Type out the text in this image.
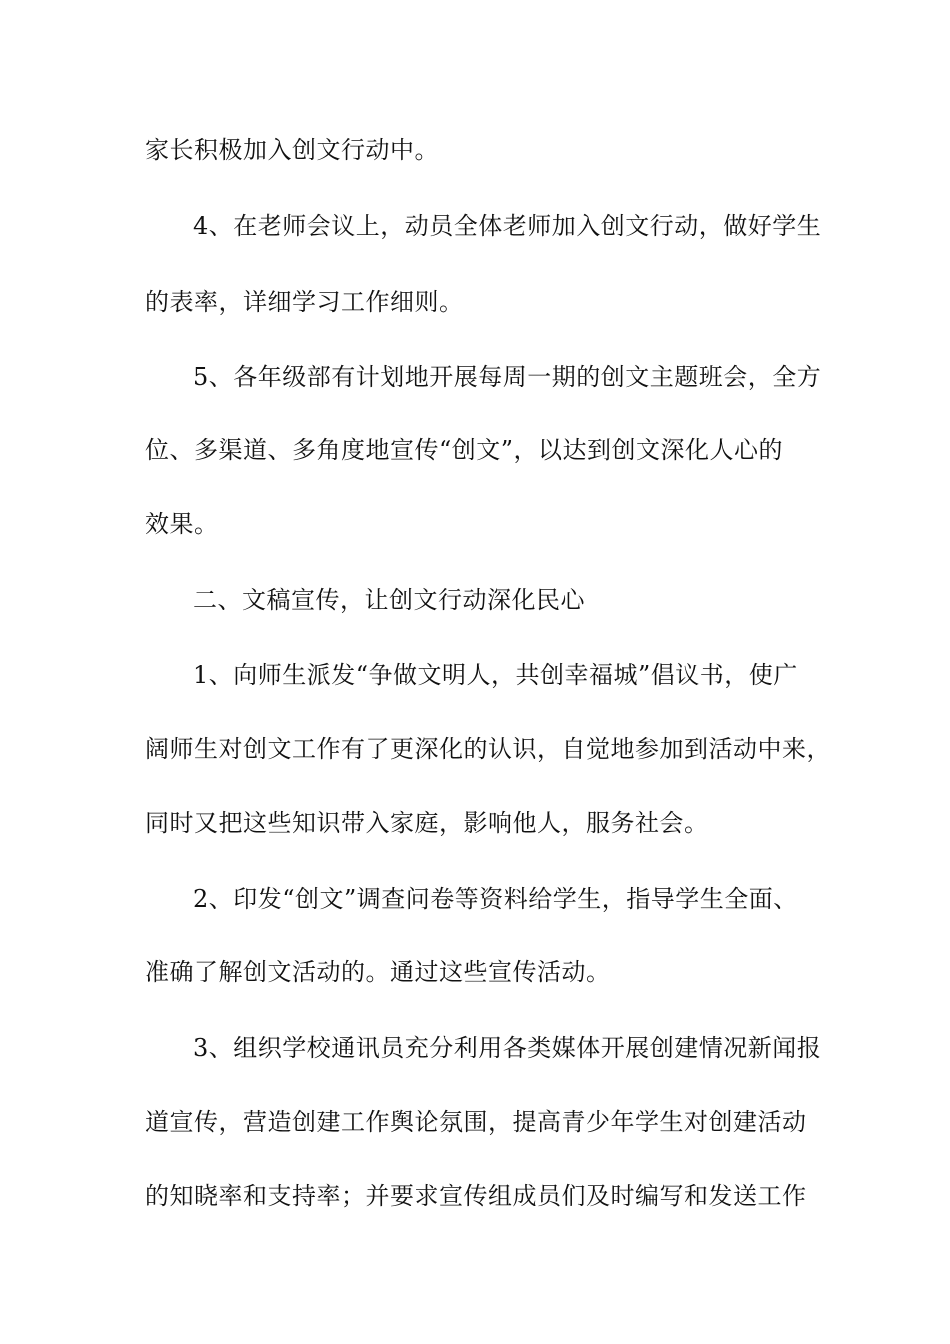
家长积极加入创文行动中。
4、在老师会议上，动员全体老师加入创文行动，做好学生
的表率，详细学习工作细则。
5、各年级部有计划地开展每周一期的创文主题班会，全方
位、多渠道、多角度地宣传“创文”，以达到创文深化人心的
效果。
二、文稿宣传，让创文行动深化民心
1、向师生派发“争做文明人，共创幸福城”倡议书，使广
阔师生对创文工作有了更深化的认识，自觉地参加到活动中来，
同时又把这些知识带入家庭，影响他人，服务社会。
2、印发“创文”调查问卷等资料给学生，指导学生全面、
准确了解创文活动的。通过这些宣传活动。
3、组织学校通讯员充分利用各类媒体开展创建情况新闻报
道宣传，营造创建工作舆论氛围，提高青少年学生对创建活动
的知晓率和支持率；并要求宣传组成员们及时编写和发送工作
